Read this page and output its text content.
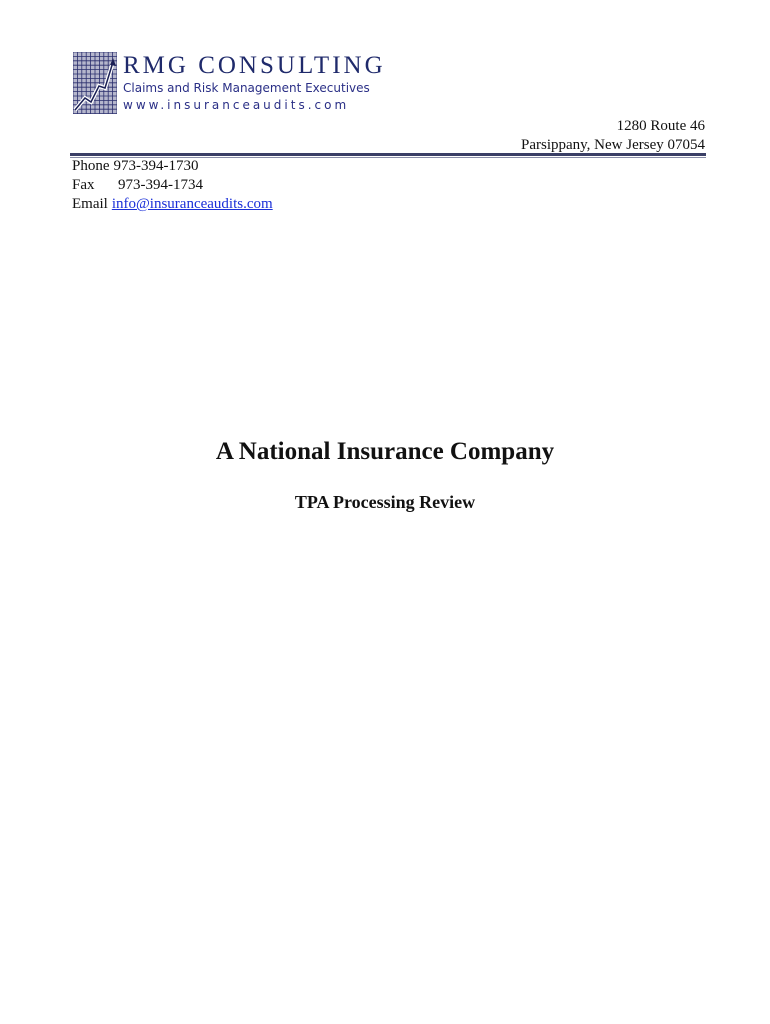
RMG CONSULTING
Claims and Risk Management Executives
www.insuranceaudits.com
1280 Route 46
Parsippany, New Jersey 07054
Phone 973-394-1730
Fax 973-394-1734
Email info@insuranceaudits.com
A National Insurance Company
TPA Processing Review
